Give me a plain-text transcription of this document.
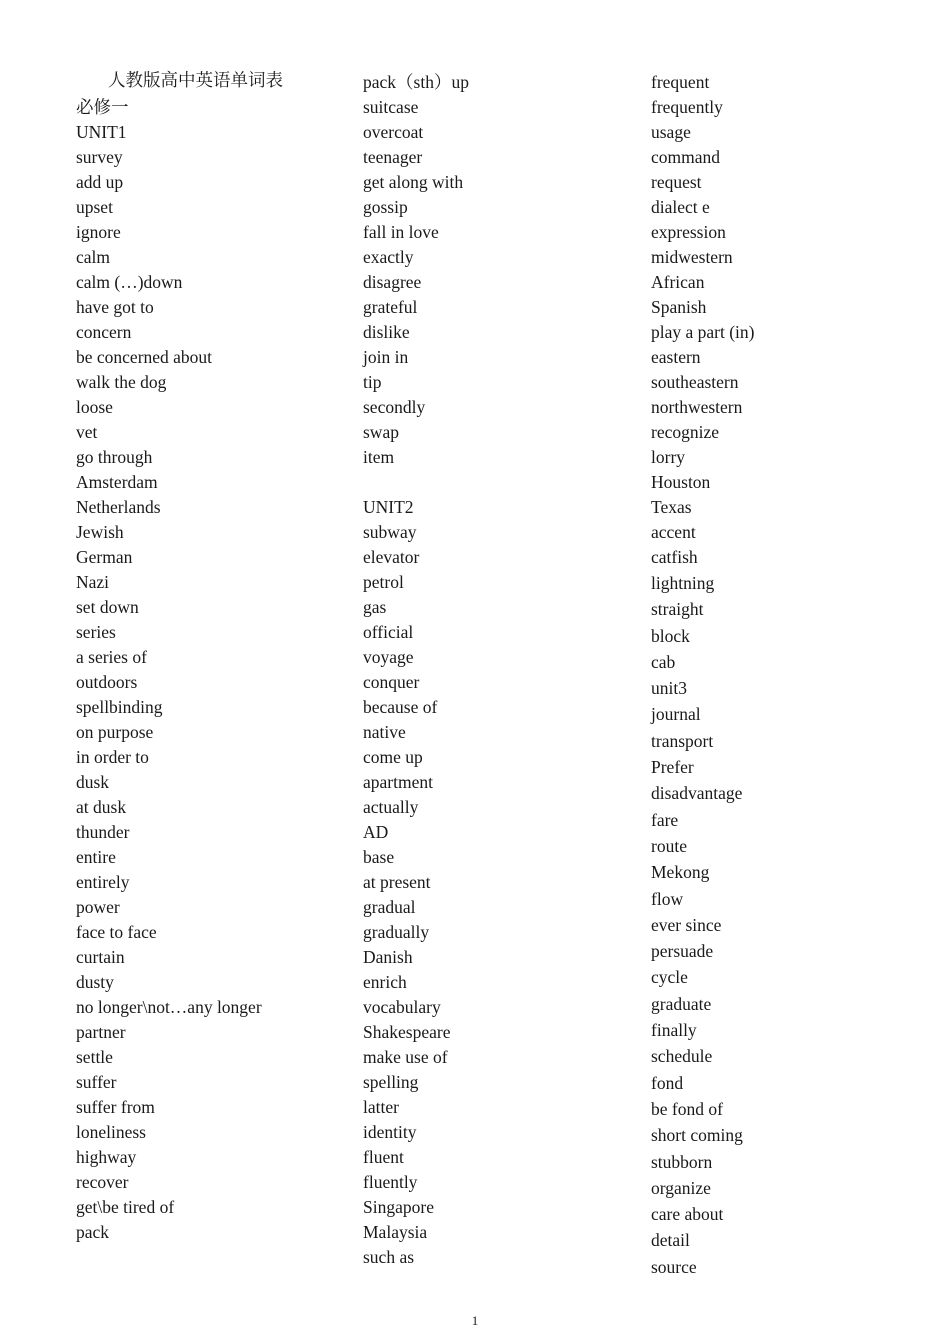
人教版高中英语单词表
必修一
UNIT1
survey
add up
upset
ignore
calm
calm (…)down
have got to
concern
be concerned about
walk the dog
loose
vet
go through
Amsterdam
Netherlands
Jewish
German
Nazi
set down
series
a series of
outdoors
spellbinding
on purpose
in order to
dusk
at dusk
thunder
entire
entirely
power
face to face
curtain
dusty
no longer\not…any longer
partner
settle
suffer
suffer from
loneliness
highway
recover
get\be tired of
pack
pack（sth）up
suitcase
overcoat
teenager
get along with
gossip
fall in love
exactly
disagree
grateful
dislike
join in
tip
secondly
swap
item
UNIT2
subway
elevator
petrol
gas
official
voyage
conquer
because of
native
come up
apartment
actually
AD
base
at present
gradual
gradually
Danish
enrich
vocabulary
Shakespeare
make use of
spelling
latter
identity
fluent
fluently
Singapore
Malaysia
such as
frequent
frequently
usage
command
request
dialect e
expression
midwestern
African
Spanish
play a part (in)
eastern
southeastern
northwestern
recognize
lorry
Houston
Texas
accent
catfish
lightning
straight
block
cab
unit3
journal
transport
Prefer
disadvantage
fare
route
Mekong
flow
ever since
persuade
cycle
graduate
finally
schedule
fond
be fond of
short coming
stubborn
organize
care about
detail
source
1
